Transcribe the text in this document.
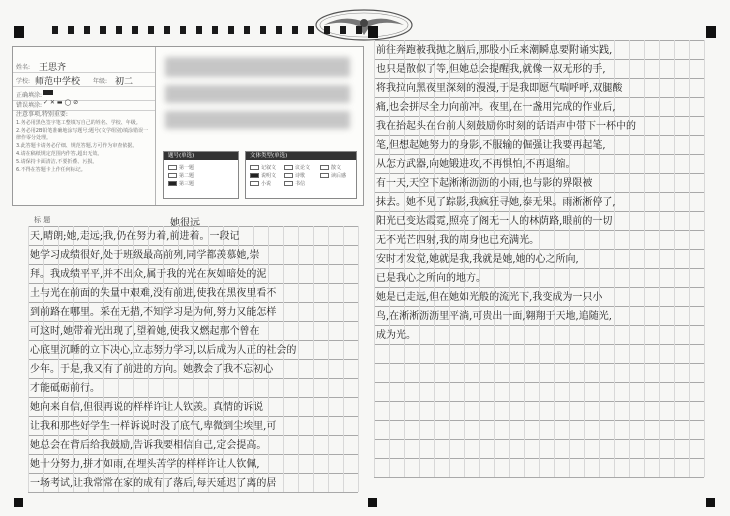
姓名: 王思齐
学校: 师范中学校 年级: 初二
正确填涂:
错误填涂: ✓ ✕ ▬ ◯ ⊘
注意事项,特别重要:
1.务必用黑色签字笔工整填写自己的姓名、学校、年级。
2.务必用2B铅笔准确地涂写题号;题号(文学组别)填涂错误一律作零分处理。
3.此答题卡请务必仔细、规范答题,方可作为审查依据。
4.请在稿纸规定范围内作答,超出无效。
5.请保持卡面清洁,不要折叠、污损。
6.不得在答题卡上作任何标记。
题号(单选)
第一题
第二题
第三题
文体类型(单选)
记叙文	议论文	散文
说明文	诗歌	读后感
小说	书信
标 题	她很远
天,晴朗;她,走远;我,仍在努力着,前进着。一段记
她学习成绩很好,处于班级最高前列,同学都羡慕她,崇
拜。我成绩平平,并不出众,属于我的光在灰如暗处的泥
土与光在前面的失量中艰难,没有前进,使我在黑夜里看不
到前路在哪里。采在无措,不知学习是为何,努力又能怎样
可这时,她带着光出现了,望着她,使我又燃起那个曾在
心底里沉睡的立下决心,立志努力学习,以后成为人正的社会的
少年。于是,我又有了前进的方向。她教会了我不忘初心
才能砥砺前行。
她向来自信,但很再说的样样许让人钦羡。真情的诉说
让我和那些好学生一样诉说时没了底气,卑微到尘埃里,可
她总会在背后给我鼓励,告诉我要相信自己,定会提高。
她十分努力,拼才如雨,在埋头苦学的样样许让人钦佩,
一场考试,让我常常在家的成有了落后,每天延迟了离的居
前往奔跑被我抛之脑后,那股小丘来潮瞬息要附诵实践,
也只是散似了等,但她总会提醒我,就像一双无形的手,
将我拉向黑夜里深刻的漫漫,于是我即愿气喘呼呼,双腿酸
痛,也会拼尽全力向前冲。夜里,在一盏用完成的作业后,
我在抬起头在台前人刻鼓励你时刻的话语声中带下一杯中的
笔,但想起她努力的身影,不服输的倔强让我要再起笔,
从怎方武器,向她锻进攻,不再惧怕,不再退缩。
有一天,天空下起淅淅沥沥的小雨,也与影的界限被
抹去。她不见了踪影,我疯狂寻她,泰无果。雨淅淅停了,
阳光已变达霞霓,照亮了阁无一人的林荫路,眼前的一切
无不光芒四射,我的周身也已充满光。
安时才发觉,她就是我,我就是她,她的心之所向,
已是我心之所向的地方。
她是已走远,但在她如光般的流光下,我变成为一只小
鸟,在淅淅沥沥里平淌,可贵出一面,翱翔于天地,追随光,
成为光。
